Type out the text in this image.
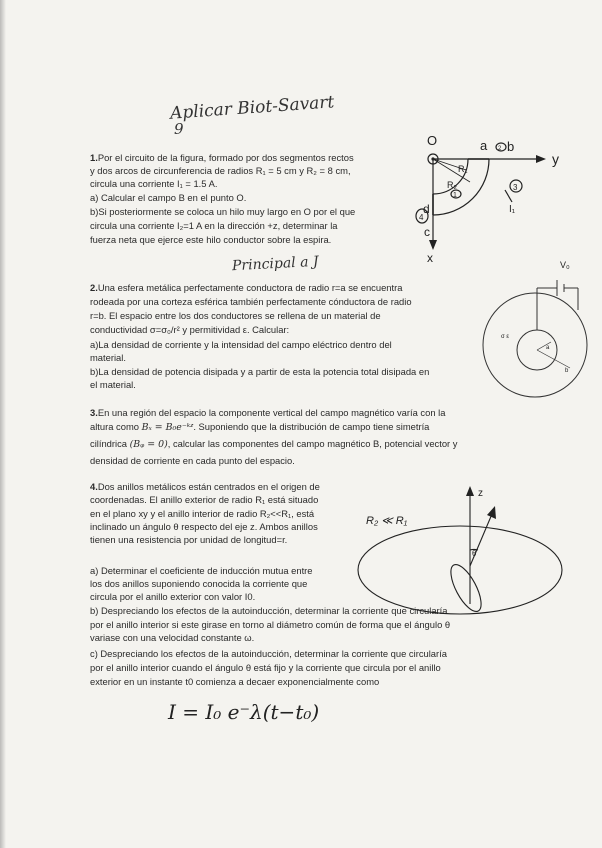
Aplicar Biot-Savart
9

1.Por el circuito de la figura, formado por dos segmentos rectos

y dos arcos de circunferencia de radios R₁ = 5 cm y R₂ = 8 cm,

circula una corriente I₁ = 1.5 A.

a) Calcular el campo B en el punto O.

b)Si posteriormente se coloca un hilo muy largo en O por el que

circula una corriente I₂=1 A en la dirección +z, determinar la

fuerza neta que ejerce este hilo conductor sobre la espira.

O	a b
y
d
c
x
R₁
R₂
I₁
2
3
4
1
Principal a J

2.Una esfera metálica perfectamente conductora de radio r=a se encuentra

rodeada por una corteza esférica también perfectamente cónductora de radio

r=b. El espacio entre los dos conductores se rellena de un material de

conductividad σ=σ₀/r² y permitividad ε. Calcular:

a)La densidad de corriente y la intensidad del campo eléctrico dentro del

material.

b)La densidad de potencia disipada y a partir de esta la potencia total disipada en

el material.

V₀
σ ε
a
b

3.En una región del espacio la componente vertical del campo magnético varía con la

altura como Bₓ = B₀e⁻ᵏᶻ. Suponiendo que la distribución de campo tiene simetría

cilíndrica (Bᵩ = 0), calcular las componentes del campo magnético B, potencial vector y

densidad de corriente en cada punto del espacio.

4.Dos anillos metálicos están centrados en el origen de

coordenadas. El anillo exterior de radio R₁ está situado

en el plano xy y el anillo interior de radio R₂<<R₁, está

inclinado un ángulo θ respecto del eje z. Ambos anillos

tienen una resistencia por unidad de longitud=r.

a) Determinar el coeficiente de inducción mutua entre

los dos anillos suponiendo conocida la corriente que

circula por el anillo exterior con valor I0.

b) Despreciando los efectos de la autoinducción, determinar la corriente que circularía

por el anillo interior si este girase en torno al diámetro común de forma que el ángulo θ

variase con una velocidad constante ω.

c) Despreciando los efectos de la autoinducción, determinar la corriente que circularía

por el anillo interior cuando el ángulo θ está fijo y la corriente que circula por el anillo

exterior en un instante t0 comienza a decaer exponencialmente como

z
θ
R₂ ≪ R₁
I = I₀ e⁻λ(t−t₀)
